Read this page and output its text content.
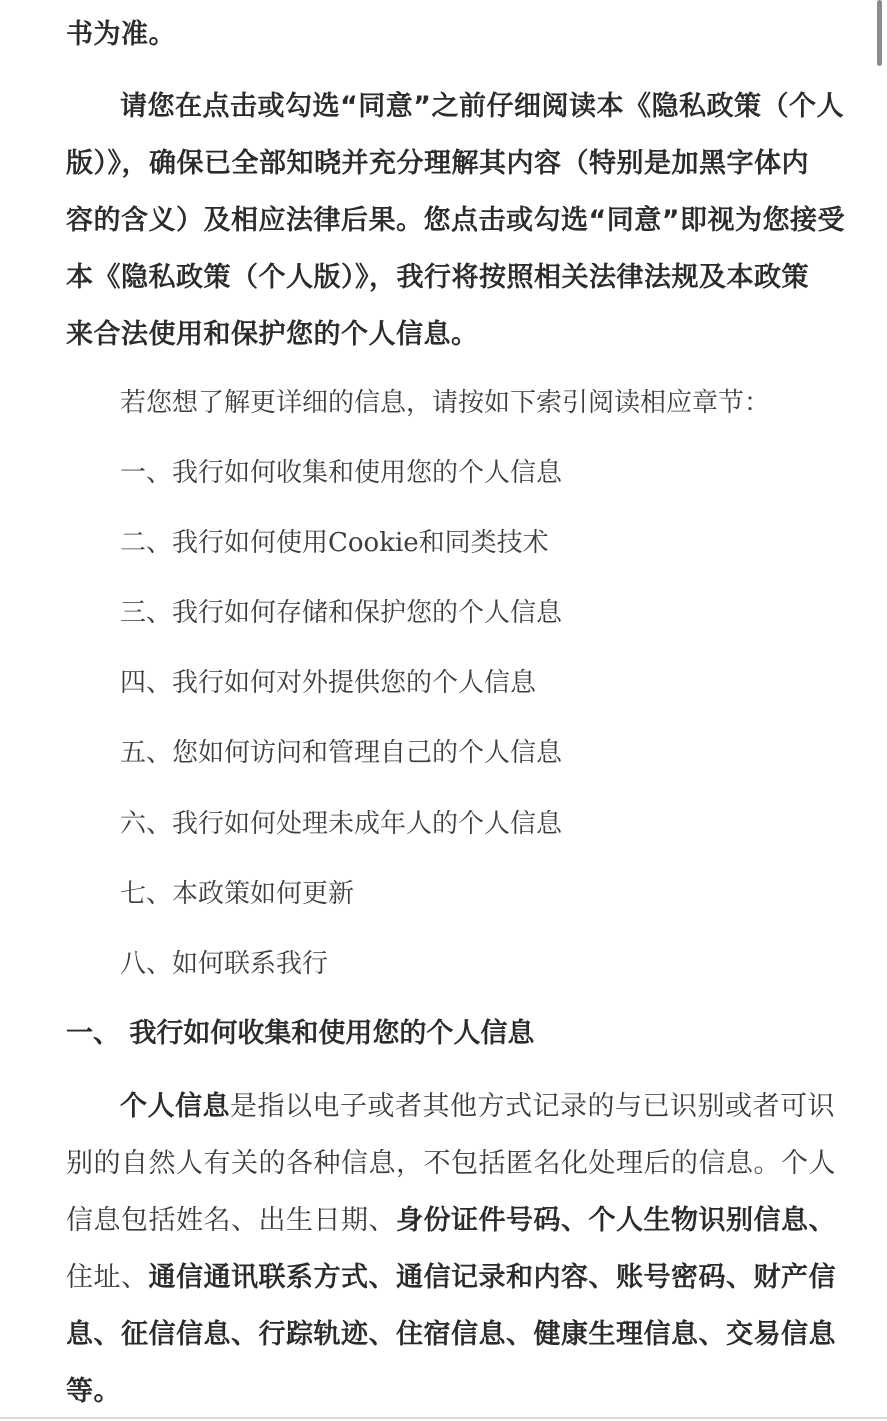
书为准。

请您在点击或勾选“同意”之前仔细阅读本《隐私政策（个人
版）》，确保已全部知晓并充分理解其内容（特别是加黑字体内
容的含义）及相应法律后果。您点击或勾选“同意”即视为您接受
本《隐私政策（个人版）》，我行将按照相关法律法规及本政策
来合法使用和保护您的个人信息。

若您想了解更详细的信息，请按如下索引阅读相应章节：

一、我行如何收集和使用您的个人信息

二、我行如何使用Cookie和同类技术

三、我行如何存储和保护您的个人信息

四、我行如何对外提供您的个人信息

五、您如何访问和管理自己的个人信息

六、我行如何处理未成年人的个人信息

七、本政策如何更新

八、如何联系我行

一、 我行如何收集和使用您的个人信息

个人信息是指以电子或者其他方式记录的与已识别或者可识
别的自然人有关的各种信息，不包括匿名化处理后的信息。个人
信息包括姓名、出生日期、身份证件号码、个人生物识别信息、
住址、通信通讯联系方式、通信记录和内容、账号密码、财产信
息、征信信息、行踪轨迹、住宿信息、健康生理信息、交易信息
等。
